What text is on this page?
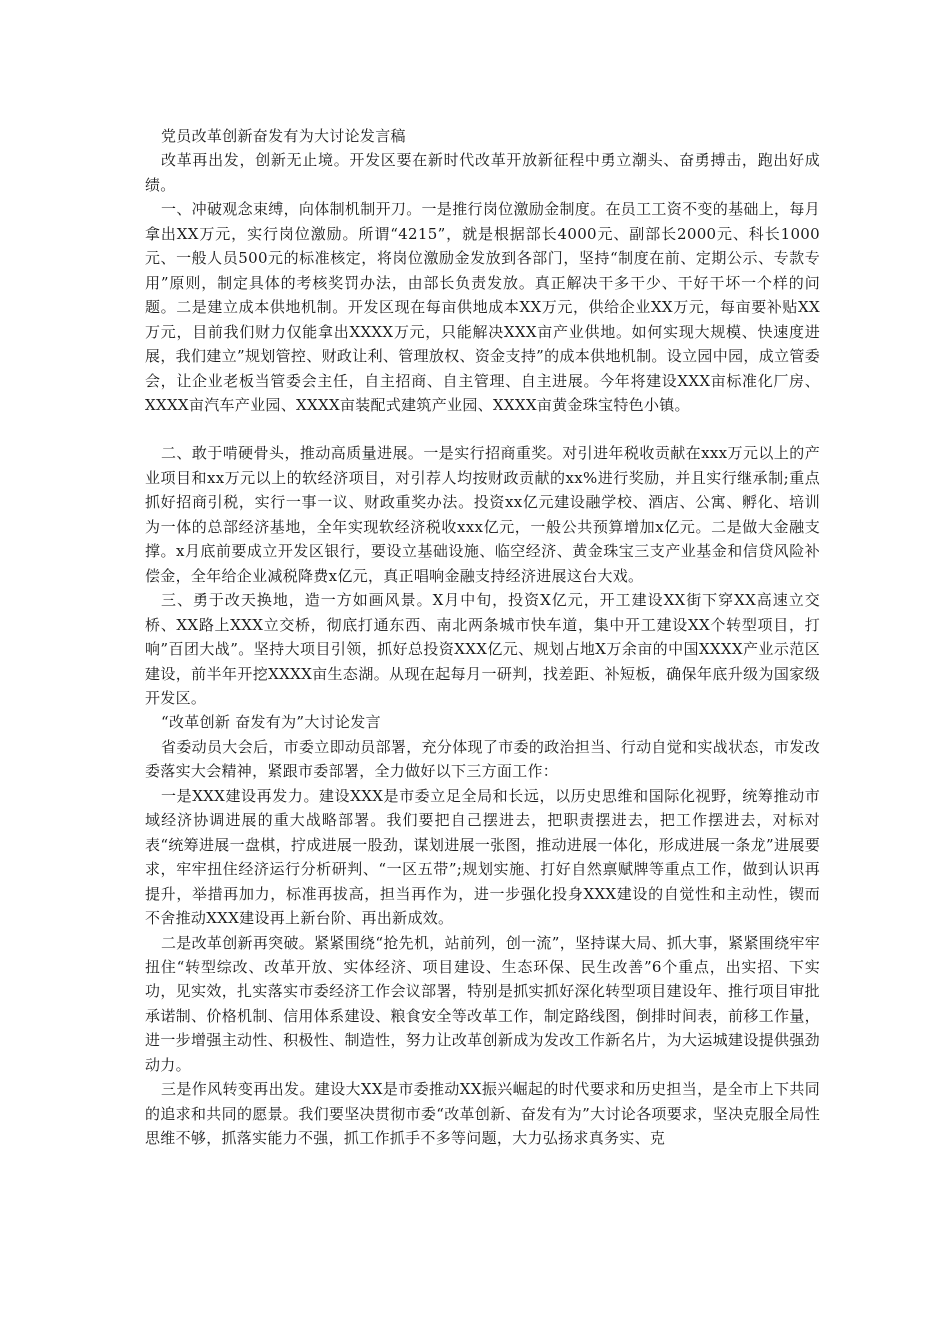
党员改革创新奋发有为大讨论发言稿

改革再出发，创新无止境。开发区要在新时代改革开放新征程中勇立潮头、奋勇搏击，跑出好成绩。

一、冲破观念束缚，向体制机制开刀。一是推行岗位激励金制度。在员工工资不变的基础上，每月拿出XX万元，实行岗位激励。所谓“4215”，就是根据部长4000元、副部长2000元、科长1000元、一般人员500元的标准核定，将岗位激励金发放到各部门，坚持“制度在前、定期公示、专款专用”原则，制定具体的考核奖罚办法，由部长负责发放。真正解决干多干少、干好干坏一个样的问题。二是建立成本供地机制。开发区现在每亩供地成本XX万元，供给企业XX万元，每亩要补贴XX万元，目前我们财力仅能拿出XXXX万元，只能解决XXX亩产业供地。如何实现大规模、快速度进展，我们建立”规划管控、财政让利、管理放权、资金支持”的成本供地机制。设立园中园，成立管委会，让企业老板当管委会主任，自主招商、自主管理、自主进展。今年将建设XXX亩标准化厂房、XXXX亩汽车产业园、XXXX亩装配式建筑产业园、XXXX亩黄金珠宝特色小镇。

二、敢于啃硬骨头，推动高质量进展。一是实行招商重奖。对引进年税收贡献在xxx万元以上的产业项目和xx万元以上的软经济项目，对引荐人均按财政贡献的xx%进行奖励，并且实行继承制;重点抓好招商引税，实行一事一议、财政重奖办法。投资xx亿元建设融学校、酒店、公寓、孵化、培训为一体的总部经济基地，全年实现软经济税收xxx亿元，一般公共预算增加x亿元。二是做大金融支撑。x月底前要成立开发区银行，要设立基础设施、临空经济、黄金珠宝三支产业基金和信贷风险补偿金，全年给企业减税降费x亿元，真正唱响金融支持经济进展这台大戏。

三、勇于改天换地，造一方如画风景。X月中旬，投资X亿元，开工建设XX街下穿XX高速立交桥、XX路上XXX立交桥，彻底打通东西、南北两条城市快车道，集中开工建设XX个转型项目，打响”百团大战”。坚持大项目引领，抓好总投资XXX亿元、规划占地X万余亩的中国XXXX产业示范区建设，前半年开挖XXXX亩生态湖。从现在起每月一研判，找差距、补短板，确保年底升级为国家级开发区。

“改革创新 奋发有为”大讨论发言

省委动员大会后，市委立即动员部署，充分体现了市委的政治担当、行动自觉和实战状态，市发改委落实大会精神，紧跟市委部署，全力做好以下三方面工作：

一是XXX建设再发力。建设XXX是市委立足全局和长远，以历史思维和国际化视野，统筹推动市域经济协调进展的重大战略部署。我们要把自己摆进去，把职责摆进去，把工作摆进去，对标对表“统筹进展一盘棋，拧成进展一股劲，谋划进展一张图，推动进展一体化，形成进展一条龙”进展要求，牢牢扭住经济运行分析研判、“一区五带”;规划实施、打好自然禀赋牌等重点工作，做到认识再提升，举措再加力，标准再拔高，担当再作为，进一步强化投身XXX建设的自觉性和主动性，锲而不舍推动XXX建设再上新台阶、再出新成效。

二是改革创新再突破。紧紧围绕“抢先机，站前列，创一流”，坚持谋大局、抓大事，紧紧围绕牢牢扭住“转型综改、改革开放、实体经济、项目建设、生态环保、民生改善”6个重点，出实招、下实功，见实效，扎实落实市委经济工作会议部署，特别是抓实抓好深化转型项目建设年、推行项目审批承诺制、价格机制、信用体系建设、粮食安全等改革工作，制定路线图，倒排时间表，前移工作量，进一步增强主动性、积极性、制造性，努力让改革创新成为发改工作新名片，为大运城建设提供强劲动力。

三是作风转变再出发。建设大XX是市委推动XX振兴崛起的时代要求和历史担当，是全市上下共同的追求和共同的愿景。我们要坚决贯彻市委“改革创新、奋发有为”大讨论各项要求，坚决克服全局性思维不够，抓落实能力不强，抓工作抓手不多等问题，大力弘扬求真务实、克
